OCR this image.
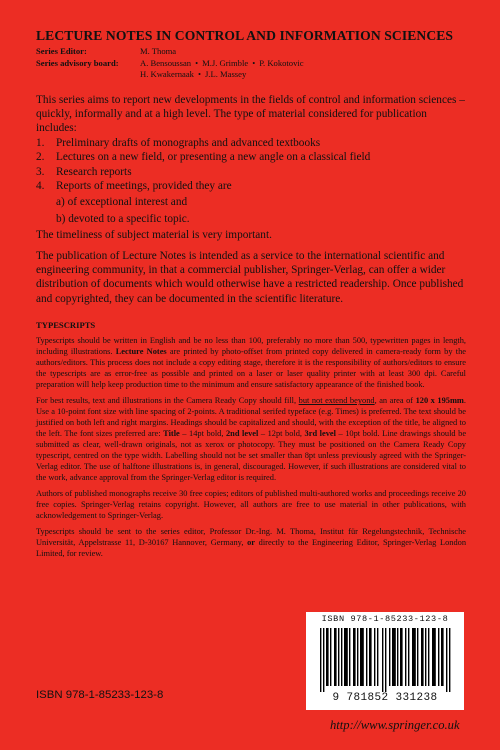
LECTURE NOTES IN CONTROL AND INFORMATION SCIENCES
Series Editor:	M. Thoma
Series advisory board:	A. Bensoussan • M.J. Grimble • P. Kokotovic
H. Kwakernaak • J.L. Massey
This series aims to report new developments in the fields of control and information sciences – quickly, informally and at a high level. The type of material considered for publication includes:
1.	Preliminary drafts of monographs and advanced textbooks
2.	Lectures on a new field, or presenting a new angle on a classical field
3.	Research reports
4.	Reports of meetings, provided they are
a) of exceptional interest and
b) devoted to a specific topic.
The timeliness of subject material is very important.
The publication of Lecture Notes is intended as a service to the international scientific and engineering community, in that a commercial publisher, Springer-Verlag, can offer a wider distribution of documents which would otherwise have a restricted readership. Once published and copyrighted, they can be documented in the scientific literature.
TYPESCRIPTS
Typescripts should be written in English and be no less than 100, preferably no more than 500, typewritten pages in length, including illustrations. Lecture Notes are printed by photo-offset from printed copy delivered in camera-ready form by the authors/editors. This process does not include a copy editing stage, therefore it is the responsibility of authors/editors to ensure the typescripts are as error-free as possible and printed on a laser or laser quality printer with at least 300 dpi. Careful preparation will help keep production time to the minimum and ensure satisfactory appearance of the finished book.
For best results, text and illustrations in the Camera Ready Copy should fill, but not extend beyond, an area of 120 x 195mm. Use a 10-point font size with line spacing of 2-points. A traditional serifed typeface (e.g. Times) is preferred. The text should be justified on both left and right margins. Headings should be capitalized and should, with the exception of the title, be aligned to the left. The font sizes preferred are: Title – 14pt bold, 2nd level – 12pt bold, 3rd level – 10pt bold. Line drawings should be submitted as clear, well-drawn originals, not as xerox or photocopy. They must be positioned on the Camera Ready Copy typescript, centred on the type width. Labelling should not be set smaller than 8pt unless previously agreed with the Springer-Verlag editor. The use of halftone illustrations is, in general, discouraged. However, if such illustrations are considered vital to the work, advance approval from the Springer-Verlag editor is required.
Authors of published monographs receive 30 free copies; editors of published multi-authored works and proceedings receive 20 free copies. Springer-Verlag retains copyright. However, all authors are free to use material in other publications, with acknowledgement to Springer-Verlag.
Typescripts should be sent to the series editor, Professor Dr.-Ing. M. Thoma, Institut für Regelungstechnik, Technische Universität, Appelstrasse 11, D-30167 Hannover, Germany, or directly to the Engineering Editor, Springer-Verlag London Limited, for review.
ISBN 978-1-85233-123-8
9 781852 331238
ISBN 978-1-85233-123-8
http://www.springer.co.uk
